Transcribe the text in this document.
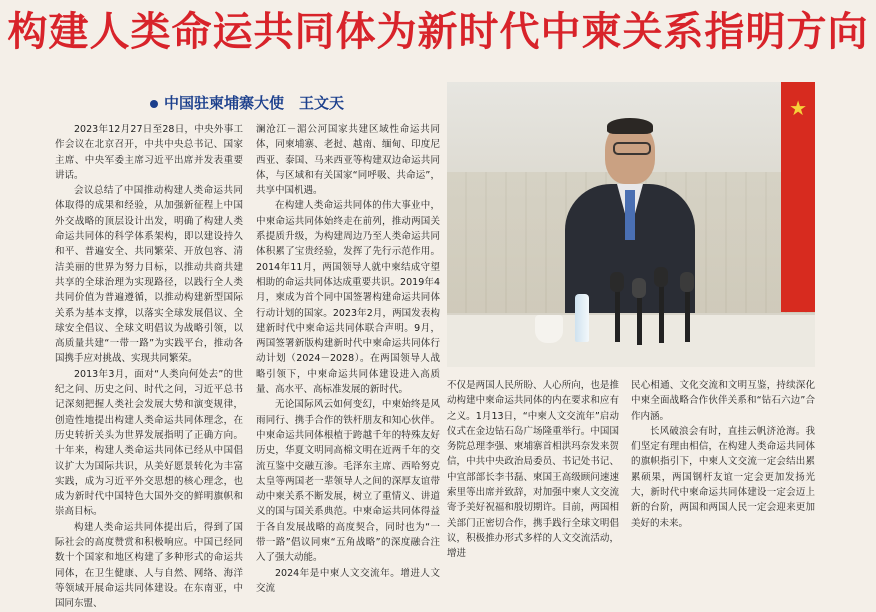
构建人类命运共同体为新时代中柬关系指明方向
中国驻柬埔寨大使　王文天

2023年12月27日至28日，中央外事工作会议在北京召开，中共中央总书记、国家主席、中央军委主席习近平出席并发表重要讲话。

会议总结了中国推动构建人类命运共同体取得的成果和经验，从加强新征程上中国外交战略的顶层设计出发，明确了构建人类命运共同体的科学体系架构，即以建设持久和平、普遍安全、共同繁荣、开放包容、清洁美丽的世界为努力目标，以推动共商共建共享的全球治理为实现路径，以践行全人类共同价值为普遍遵循，以推动构建新型国际关系为基本支撑，以落实全球发展倡议、全球安全倡议、全球文明倡议为战略引领，以高质量共建“一带一路”为实践平台，推动各国携手应对挑战、实现共同繁荣。

2013年3月，面对“人类向何处去”的世纪之问、历史之问、时代之问，习近平总书记深刻把握人类社会发展大势和演变规律，创造性地提出构建人类命运共同体理念，在历史转折关头为世界发展指明了正确方向。十年来，构建人类命运共同体已经从中国倡议扩大为国际共识，从美好愿景转化为丰富实践，成为习近平外交思想的核心理念，也成为新时代中国特色大国外交的鲜明旗帜和崇高目标。

构建人类命运共同体提出后，得到了国际社会的高度赞赏和积极响应。中国已经同数十个国家和地区构建了多种形式的命运共同体，在卫生健康、人与自然、网络、海洋等领域开展命运共同体建设。在东南亚，中国同东盟、

澜沧江－湄公河国家共建区域性命运共同体，同柬埔寨、老挝、越南、缅甸、印度尼西亚、泰国、马来西亚等构建双边命运共同体，与区域和有关国家“同呼吸、共命运”，共享中国机遇。

在构建人类命运共同体的伟大事业中，中柬命运共同体始终走在前列，推动两国关系提质升级，为构建周边乃至人类命运共同体积累了宝贵经验，发挥了先行示范作用。2014年11月，两国领导人就中柬结成守望相助的命运共同体达成重要共识。2019年4月，柬成为首个同中国签署构建命运共同体行动计划的国家。2023年2月，两国发表构建新时代中柬命运共同体联合声明。9月，两国签署新版构建新时代中柬命运共同体行动计划（2024－2028）。在两国领导人战略引领下，中柬命运共同体建设进入高质量、高水平、高标准发展的新时代。

无论国际风云如何变幻，中柬始终是风雨同行、携手合作的铁杆朋友和知心伙伴。中柬命运共同体根植于跨越千年的特殊友好历史，华夏文明同高棉文明在近两千年的交流互鉴中交融互渗。毛泽东主席、西哈努克太皇等两国老一辈领导人之间的深厚友谊带动中柬关系不断发展，树立了重情义、讲道义的国与国关系典范。中柬命运共同体得益于各自发展战略的高度契合，同时也为“一带一路”倡议同柬“五角战略”的深度融合注入了强大动能。

2024年是中柬人文交流年。增进人文交流

★

不仅是两国人民所盼、人心所向，也是推动构建中柬命运共同体的内在要求和应有之义。1月13日，“中柬人文交流年”启动仪式在金边钻石岛广场隆重举行。中国国务院总理李强、柬埔寨首相洪玛奈发来贺信，中共中央政治局委员、书记处书记、中宣部部长李书磊、柬国王高级顾问速速索里等出席并致辞，对加强中柬人文交流寄予美好祝福和殷切期许。目前，两国相关部门正密切合作，携手践行全球文明倡议，积极推办形式多样的人文交流活动，增进

民心相通、文化交流和文明互鉴，持续深化中柬全面战略合作伙伴关系和“钻石六边”合作内涵。

长风破浪会有时，直挂云帆济沧海。我们坚定有理由相信，在构建人类命运共同体的旗帜指引下，中柬人文交流一定会结出累累硕果，两国钢杆友谊一定会更加发扬光大，新时代中柬命运共同体建设一定会迈上新的台阶，两国和两国人民一定会迎来更加美好的未来。
